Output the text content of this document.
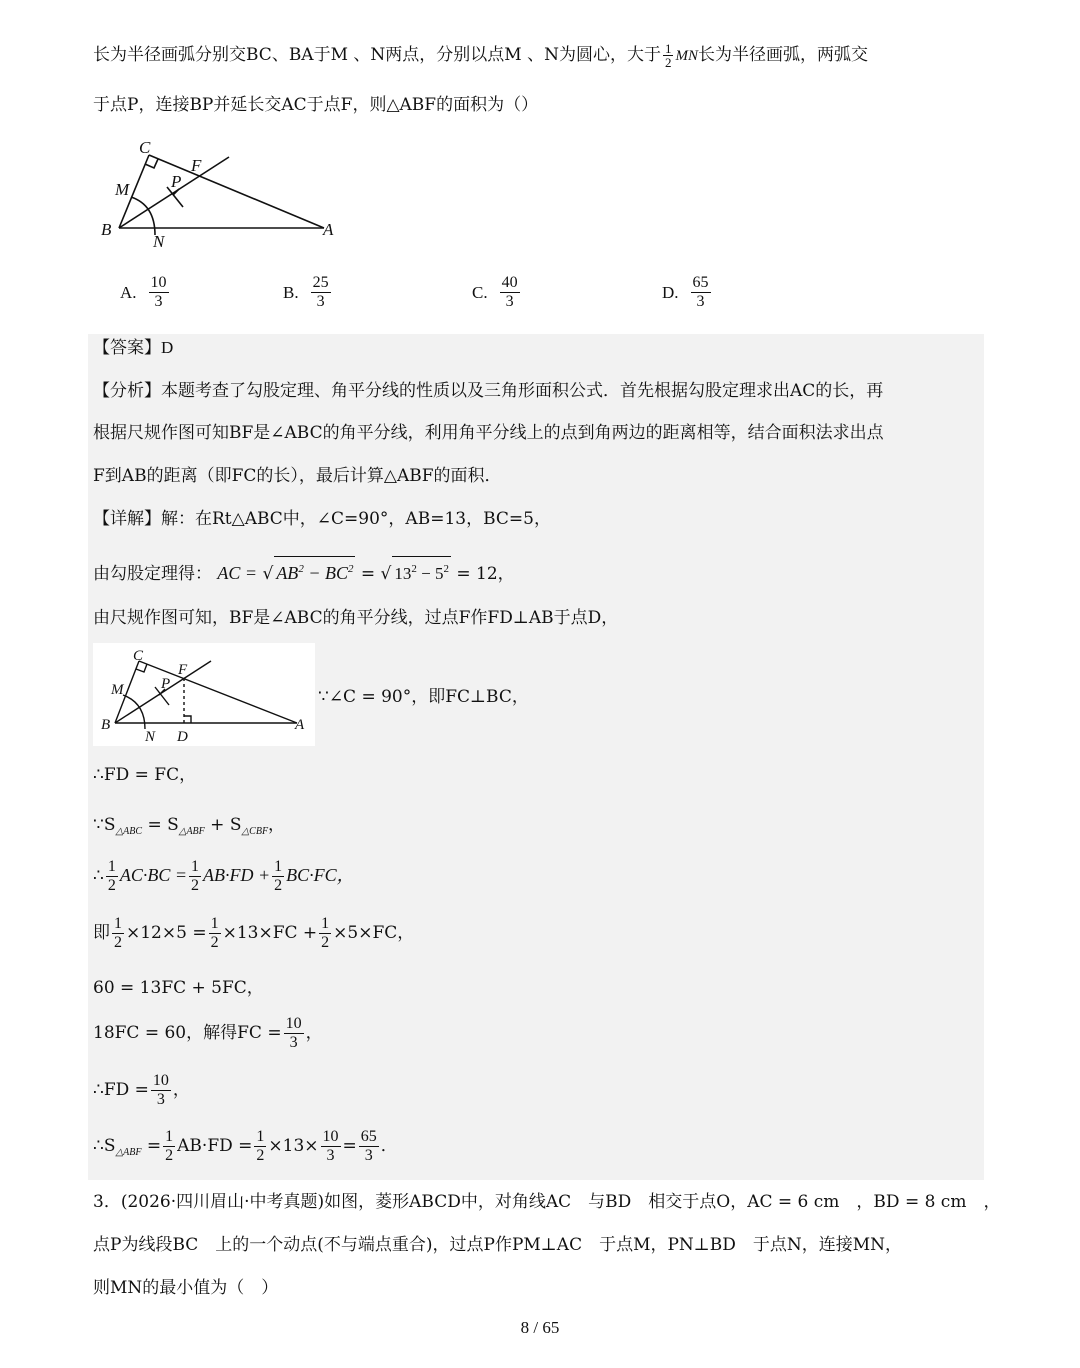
长为半径画弧分别交BC、BA于M 、N两点，分别以点M 、N为圆心，大于 $\frac{1}{2}$ MN长为半径画弧，两弧交
于点P，连接BP并延长交AC于点F，则△ABF的面积为（）
C
F
M P
B
N
A
A. $\frac{10}{3}$	B. $\frac{25}{3}$	C. $\frac{40}{3}$	D. $\frac{65}{3}$
【答案】D
【分析】本题考查了勾股定理、角平分线的性质以及三角形面积公式．首先根据勾股定理求出AC的长，再
根据尺规作图可知BF是∠ABC的角平分线，利用角平分线上的点到角两边的距离相等，结合面积法求出点
F到AB的距离（即FC的长），最后计算△ABF的面积．
【详解】解：在Rt△ABC中，∠C=90°，AB=13，BC=5，
由勾股定理得： AC = √ $AB^2 - BC^2$ = √ $13^2 - 5^2 = 12$，
由尺规作图可知，BF是∠ABC的角平分线，过点F作FD⊥AB于点D，
C
F
M	P
B
N D
A
∵∠C = 90°，即FC⊥BC，
∴FD = FC，
$\because S_{\triangle ABC} = S_{\triangle ABF} + S_{\triangle CBF}$，
∴ $\frac{1}{2} AC\cdot BC = \frac{1}{2} AB\cdot FD + \frac{1}{2} BC\cdot FC$，
即 $\frac{1}{2} \times 12\times 5 = \frac{1}{2} \times 13\times FC + \frac{1}{2} \times 5\times FC$，
60 = 13FC + 5FC，
18FC = 60，解得FC = $\frac{10}{3}$ ，
∴FD = $\frac{10}{3}$ ，
$\therefore S_{\triangle ABF} = \frac{1}{2} AB\cdot FD = \frac{1}{2} \times 13\times \frac{10}{3} = \frac{65}{3}$ ．
3．(2026·四川眉山·中考真题)如图，菱形ABCD中，对角线AC　与BD　相交于点O，AC = 6 cm　，BD = 8 cm　，
点P为线段BC　上的一个动点(不与端点重合)，过点P作PM⊥AC　于点M，PN⊥BD　于点N，连接MN，
则MN的最小值为（　）
8 / 65
